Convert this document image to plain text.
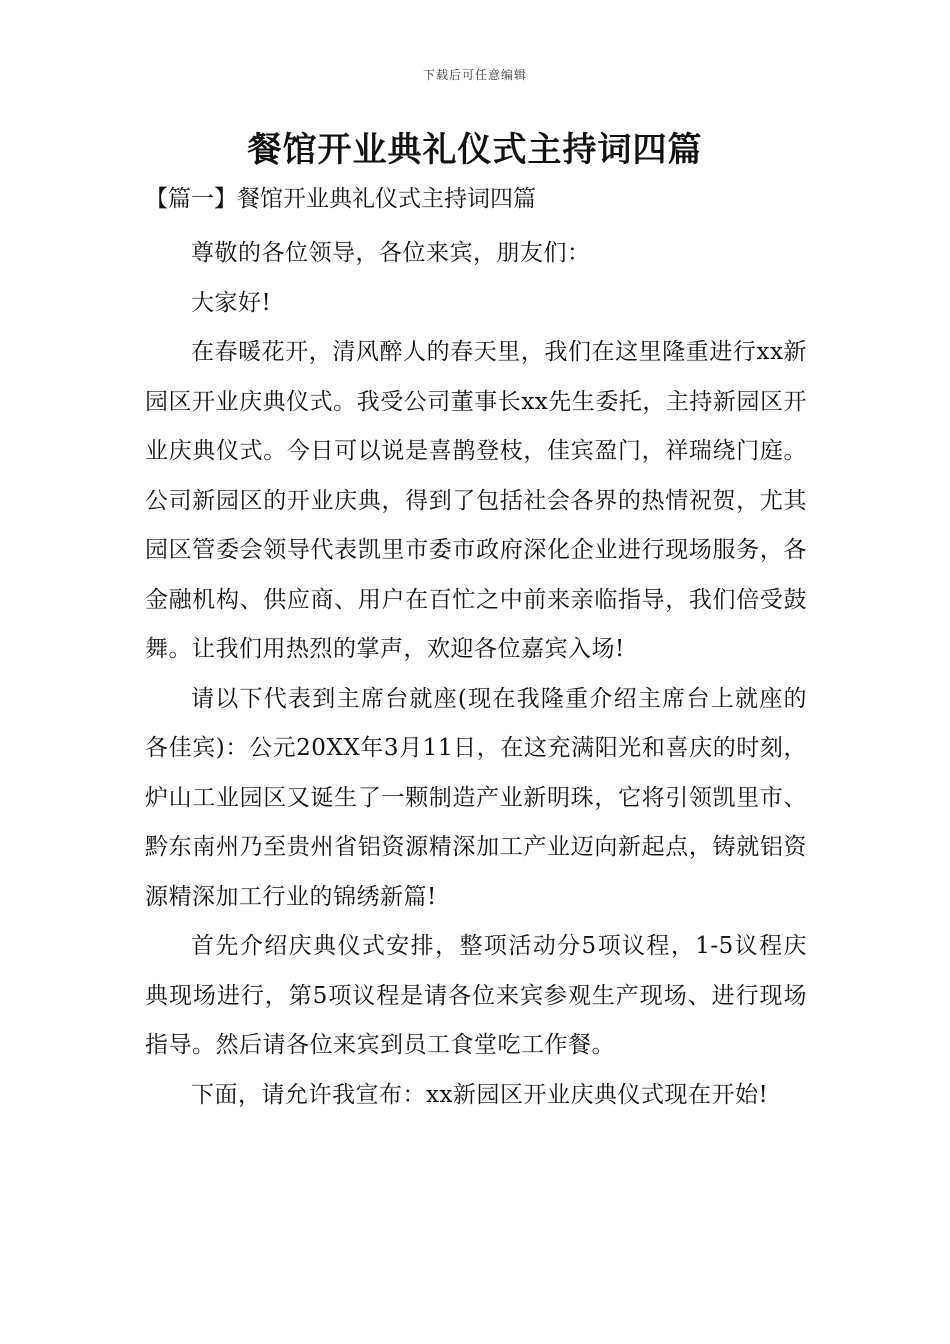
下载后可任意编辑
餐馆开业典礼仪式主持词四篇

【篇一】餐馆开业典礼仪式主持词四篇

尊敬的各位领导，各位来宾，朋友们：

大家好!

在春暖花开，清风醉人的春天里，我们在这里隆重进行xx新园区开业庆典仪式。我受公司董事长xx先生委托，主持新园区开业庆典仪式。今日可以说是喜鹊登枝，佳宾盈门，祥瑞绕门庭。公司新园区的开业庆典，得到了包括社会各界的热情祝贺，尤其园区管委会领导代表凯里市委市政府深化企业进行现场服务，各金融机构、供应商、用户在百忙之中前来亲临指导，我们倍受鼓舞。让我们用热烈的掌声，欢迎各位嘉宾入场!

请以下代表到主席台就座(现在我隆重介绍主席台上就座的各佳宾)：公元20XX年3月11日，在这充满阳光和喜庆的时刻，炉山工业园区又诞生了一颗制造产业新明珠，它将引领凯里市、黔东南州乃至贵州省铝资源精深加工产业迈向新起点，铸就铝资源精深加工行业的锦绣新篇!

首先介绍庆典仪式安排，整项活动分5项议程，1-5议程庆典现场进行，第5项议程是请各位来宾参观生产现场、进行现场指导。然后请各位来宾到员工食堂吃工作餐。

下面，请允许我宣布：xx新园区开业庆典仪式现在开始!
